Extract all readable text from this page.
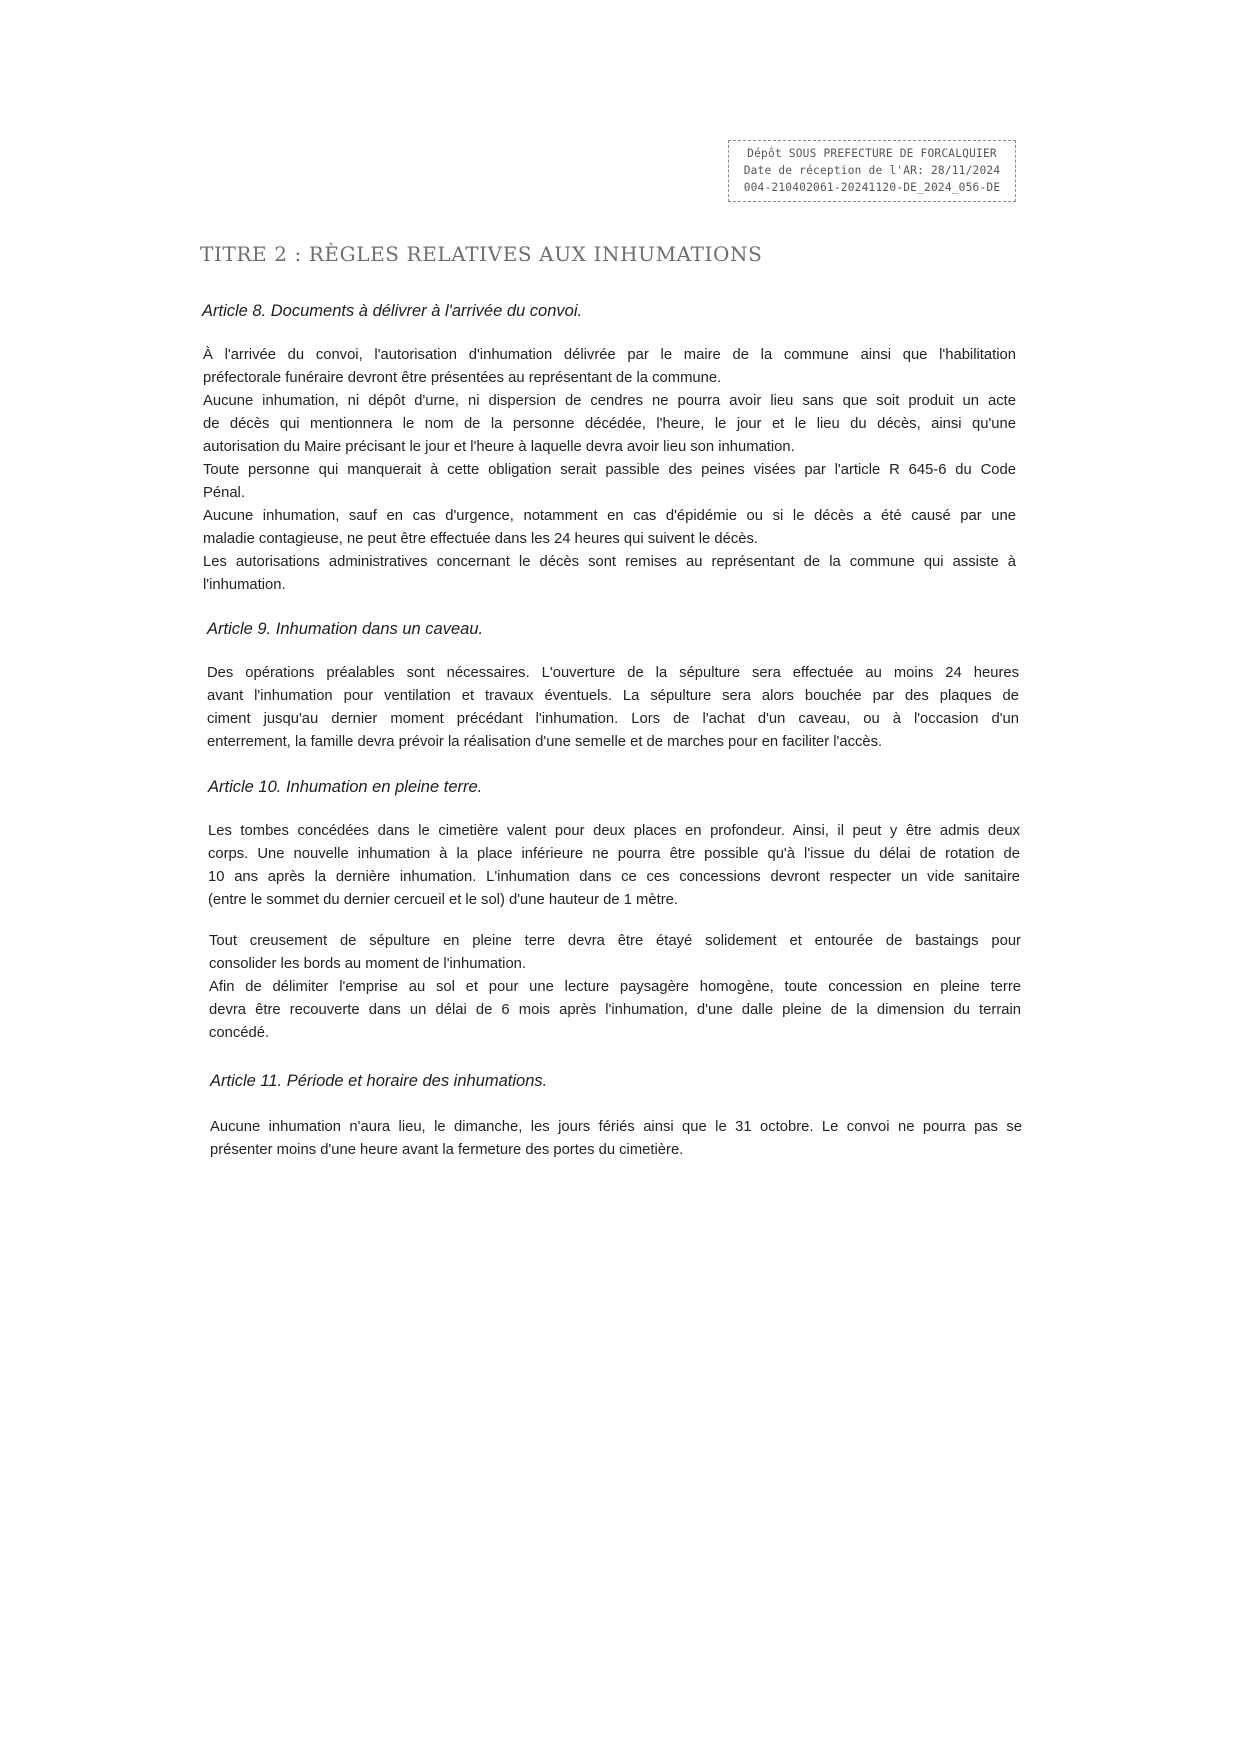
Dépôt SOUS PREFECTURE DE FORCALQUIER
Date de réception de l'AR: 28/11/2024
004-210402061-20241120-DE_2024_056-DE
TITRE 2 : RÈGLES RELATIVES AUX INHUMATIONS
Article 8. Documents à délivrer à l'arrivée du convoi.
À l'arrivée du convoi, l'autorisation d'inhumation délivrée par le maire de la commune ainsi que l'habilitation
préfectorale funéraire devront être présentées au représentant de la commune.
Aucune inhumation, ni dépôt d'urne, ni dispersion de cendres ne pourra avoir lieu sans que soit produit un acte
de décès qui mentionnera le nom de la personne décédée, l'heure, le jour et le lieu du décès, ainsi qu'une
autorisation du Maire précisant le jour et l'heure à laquelle devra avoir lieu son inhumation.
Toute personne qui manquerait à cette obligation serait passible des peines visées par l'article R 645-6 du Code
Pénal.
Aucune inhumation, sauf en cas d'urgence, notamment en cas d'épidémie ou si le décès a été causé par une
maladie contagieuse, ne peut être effectuée dans les 24 heures qui suivent le décès.
Les autorisations administratives concernant le décès sont remises au représentant de la commune qui assiste à
l'inhumation.
Article 9. Inhumation dans un caveau.
Des opérations préalables sont nécessaires. L'ouverture de la sépulture sera effectuée au moins 24 heures
avant l'inhumation pour ventilation et travaux éventuels. La sépulture sera alors bouchée par des plaques de
ciment jusqu'au dernier moment précédant l'inhumation. Lors de l'achat d'un caveau, ou à l'occasion d'un
enterrement, la famille devra prévoir la réalisation d'une semelle et de marches pour en faciliter l'accès.
Article 10. Inhumation en pleine terre.
Les tombes concédées dans le cimetière valent pour deux places en profondeur. Ainsi, il peut y être admis deux
corps. Une nouvelle inhumation à la place inférieure ne pourra être possible qu'à l'issue du délai de rotation de
10 ans après la dernière inhumation. L'inhumation dans ce ces concessions devront respecter un vide sanitaire
(entre le sommet du dernier cercueil et le sol) d'une hauteur de 1 mètre.
Tout creusement de sépulture en pleine terre devra être étayé solidement et entourée de bastaings pour
consolider les bords au moment de l'inhumation.
Afin de délimiter l'emprise au sol et pour une lecture paysagère homogène, toute concession en pleine terre
devra être recouverte dans un délai de 6 mois après l'inhumation, d'une dalle pleine de la dimension du terrain
concédé.
Article 11. Période et horaire des inhumations.
Aucune inhumation n'aura lieu, le dimanche, les jours fériés ainsi que le 31 octobre. Le convoi ne pourra pas se
présenter moins d'une heure avant la fermeture des portes du cimetière.
